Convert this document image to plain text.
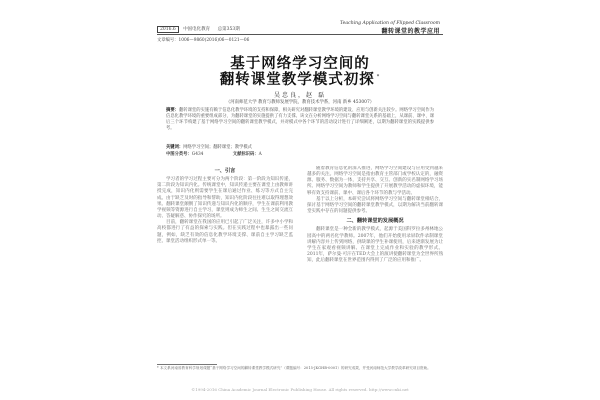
2016.6 中国电化教育 总第353期
Teaching Application of Flipped Classroom
翻转课堂的教学应用
文章编号：1006—9860(2016)06—0121—06
基于网络学习空间的
翻转课堂教学模式初探 *
吴忠良，赵 磊
（河南师范大学 教育与教师发展学院，教育技术学系，河南 新乡 453007）
摘要：翻转课堂的实施有赖于信息化教学环境的支持和保障，相关研究对翻转课堂教学环境的建设、应用与创新关注较少。网络学习空间作为信息化教学环境的重要组成部分，为翻转课堂的实施提供了有力支撑。该文在分析网络学习空间与翻转课堂关系的基础上，从课前、课中、课后三个环节构建了基于网络学习空间的翻转课堂教学模式，并对模式中各个环节的活动设计进行了详细阐述，以期为翻转课堂的实践提供参考。
关键词：网络学习空间；翻转课堂；教学模式
中图分类号：G434	文献标识码：A
一、引言

学习者的学习过程主要可分为两个阶段：第一阶段为知识传递，第二阶段为知识内化。传统课堂中，知识传递主要在课堂上由教师讲授完成，知识内化则需要学生在课后通过作业、练习等方式自主完成。由于缺乏及时的指导和帮助，知识内化阶段往往难以取得理想效果。翻转课堂颠倒了知识传递与知识内化的顺序，学生在课前利用教学视频等资源进行自主学习，课堂则成为师生之间、生生之间交流互动、答疑解惑、协作探究的场所。

目前，翻转课堂在我国的应用已引起了广泛关注，许多中小学和高校都进行了有益的探索与实践。但在实践过程中也暴露出一些问题，例如，缺乏有效的信息化教学环境支撑、课前自主学习缺乏监控、课堂活动组织形式单一等。

随着教育信息化的深入推进，网络学习空间建设与应用受到越来越多的关注。网络学习空间是指由教育主管部门或学校认定的，融资源、服务、数据为一体，支持共享、交互、创新的实名制网络学习场所。网络学习空间为教师和学生提供了开展教学活动的虚拟环境，能够有效支持课前、课中、课后各个环节的教与学活动。

基于以上分析，本研究尝试将网络学习空间与翻转课堂相结合，探讨基于网络学习空间的翻转课堂教学模式，以期为解决当前翻转课堂实践中存在的问题提供参考。

二、翻转课堂的发展概况

翻转课堂是一种全新的教学模式，起源于美国科罗拉多州林地公园高中的两名化学教师。2007年，他们开始使用录屏软件录制课堂讲解内容并上传到网络，供缺课的学生补课使用，后来逐渐发展为让学生在家观看视频讲解、在课堂上完成作业和实验的教学形式。2011年，萨尔曼·可汗在TED大会上的演讲使翻转课堂为全世界所熟知，此后翻转课堂在世界范围内得到了广泛的应用和推广。

* 本文系河南省教育科学规划课题“基于网络学习空间的翻转课堂教学模式研究”（课题编号：2015-JKGHB-0001）的研究成果，并受河南师范大学教学改革研究项目资助。
©1994-2016 China Academic Journal Electronic Publishing House. All rights reserved. http://www.cnki.net
